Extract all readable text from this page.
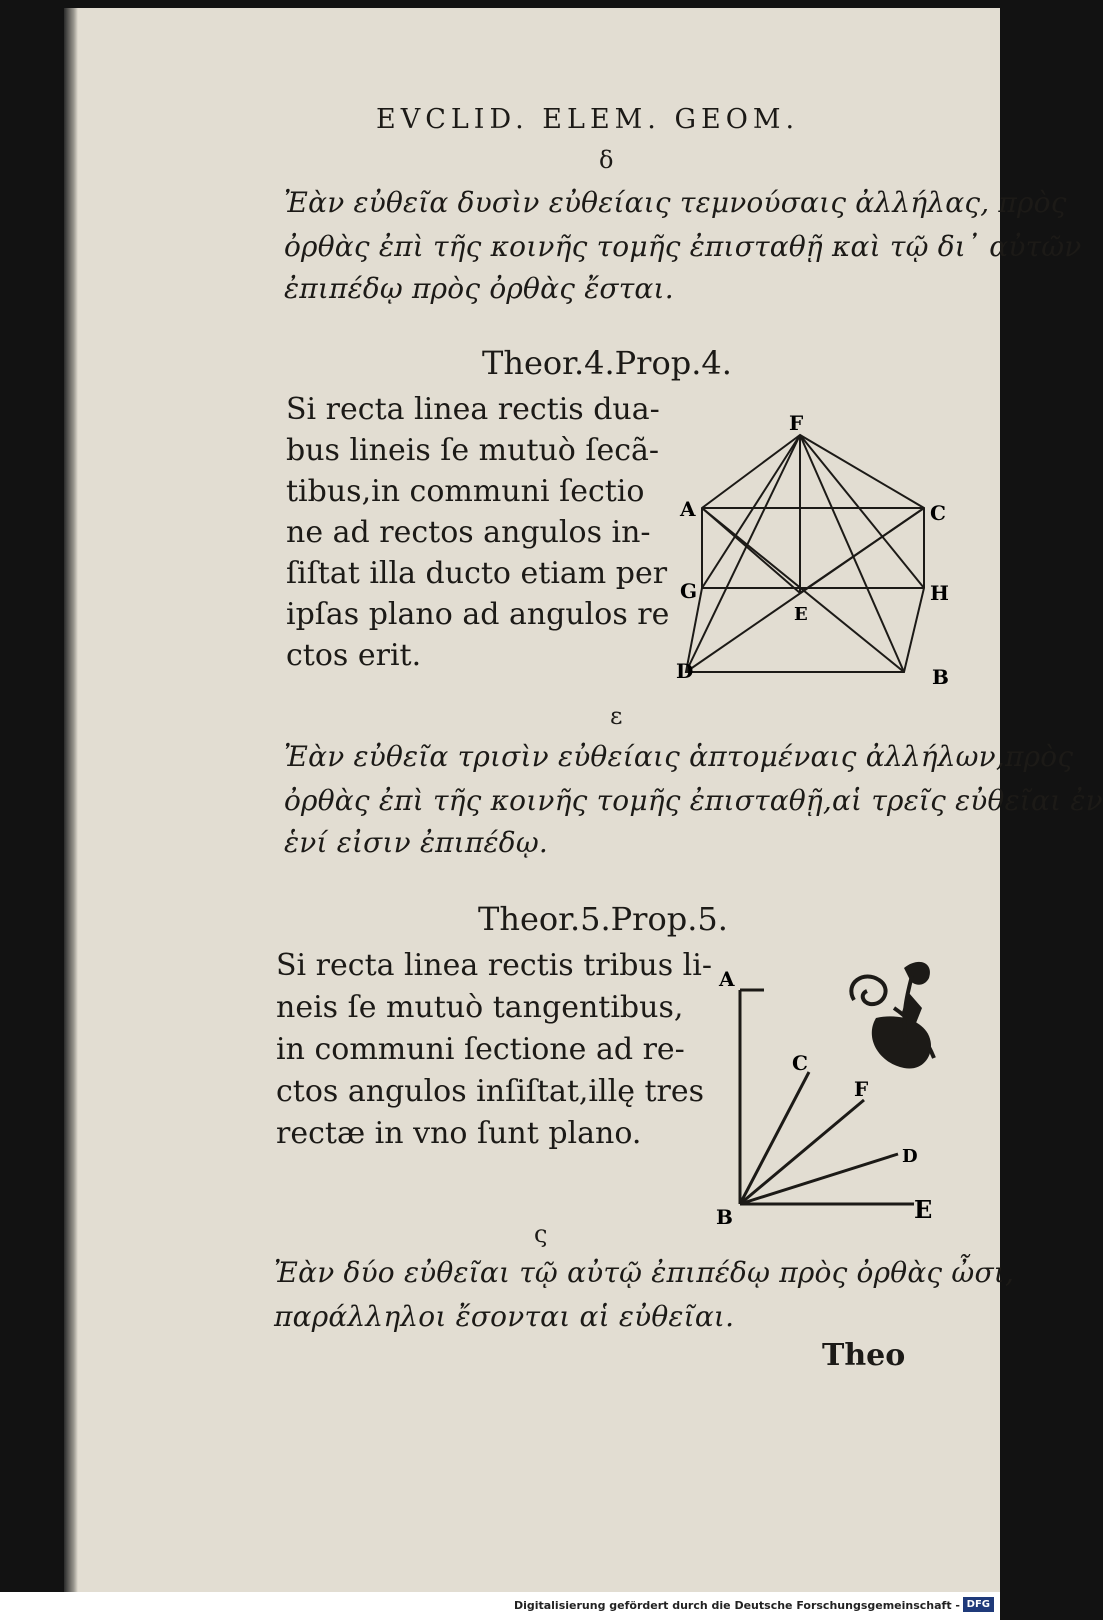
EVCLID. ELEM. GEOM.
δ
Ἐὰν εὐθεῖα δυσὶν εὐθείαις τεμνούσαις ἀλλήλας, πρὸς
ὀρθὰς ἐπὶ τῆς κοινῆς τομῆς ἐπισταθῇ καὶ τῷ δι᾽ αὐτῶν
ἐπιπέδῳ πρὸς ὀρθὰς ἔσται.
Theor.4.Prop.4.
Si recta linea rectis dua-
bus lineis ſe mutuò ſecã-
tibus,in communi ſectio
ne ad rectos angulos in-
ſiſtat illa ducto etiam per
ipſas plano ad angulos re
ctos erit.
F
A	C
G	H
E
D	B
ε
Ἐὰν εὐθεῖα τρισὶν εὐθείαις ἁπτομέναις ἀλλήλων,πρὸς
ὀρθὰς ἐπὶ τῆς κοινῆς τομῆς ἐπισταθῇ,αἱ τρεῖς εὐθεῖαι ἐν
ἑνί εἰσιν ἐπιπέδῳ.
Theor.5.Prop.5.
Si recta linea rectis tribus li-
neis ſe mutuò tangentibus,
in communi ſectione ad re-
ctos angulos inſiſtat,illę tres
rectæ in vno ſunt plano.
A
C
F
D
B	E
ς
Ἐὰν δύο εὐθεῖαι τῷ αὐτῷ ἐπιπέδῳ πρὸς ὀρθὰς ὦσι,
παράλληλοι ἔσονται αἱ εὐθεῖαι.
Theo
Digitalisierung gefördert durch die Deutsche Forschungsgemeinschaft - DFG
